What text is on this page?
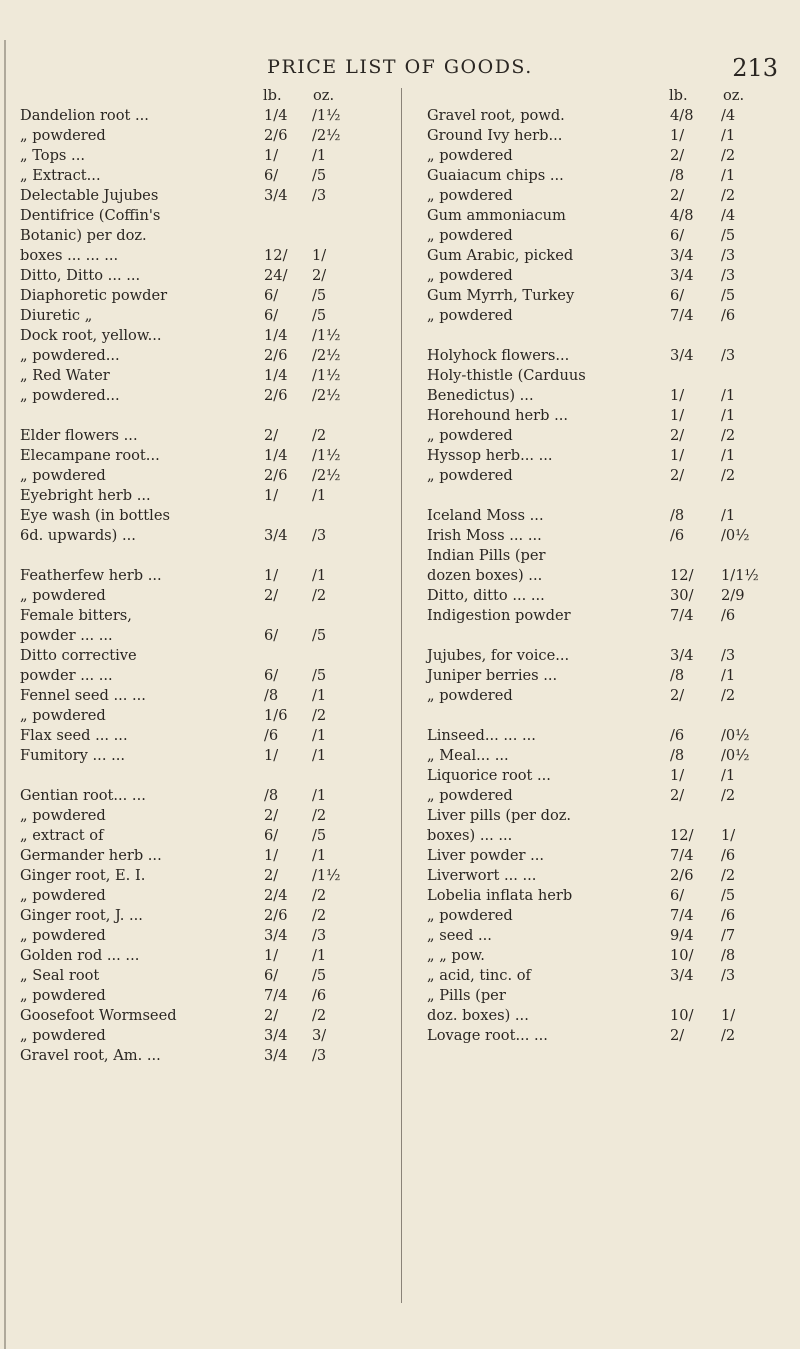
PRICE LIST OF GOODS.	213
lb. oz.
Dandelion root ...	1/4 /1½
„ powdered	2/6 /2½
„ Tops ...	1/ /1
„ Extract...	6/ /5
Delectable Jujubes	3/4 /3
Dentifrice (Coffin's
Botanic) per doz.
boxes ... ... ...	12/ 1/
Ditto, Ditto ... ...	24/ 2/
Diaphoretic powder	6/ /5
Diuretic „	6/ /5
Dock root, yellow...	1/4 /1½
„ powdered...	2/6 /2½
„ Red Water	1/4 /1½
„ powdered...	2/6 /2½
Elder flowers ...	2/ /2
Elecampane root...	1/4 /1½
„ powdered	2/6 /2½
Eyebright herb ...	1/ /1
Eye wash (in bottles
6d. upwards) ...	3/4 /3
Featherfew herb ...	1/ /1
„ powdered	2/ /2
Female bitters,
powder ... ...	6/ /5
Ditto corrective
powder ... ...	6/ /5
Fennel seed ... ...	/8 /1
„ powdered	1/6 /2
Flax seed ... ...	/6 /1
Fumitory ... ...	1/ /1
Gentian root... ...	/8 /1
„ powdered	2/ /2
„ extract of	6/ /5
Germander herb ...	1/ /1
Ginger root, E. I.	2/ /1½
„ powdered	2/4 /2
Ginger root, J. ...	2/6 /2
„ powdered	3/4 /3
Golden rod ... ...	1/ /1
„ Seal root	6/ /5
„ powdered	7/4 /6
Goosefoot Wormseed	2/ /2
„ powdered	3/4 3/
Gravel root, Am. ...	3/4 /3
lb. oz.
Gravel root, powd.	4/8 /4
Ground Ivy herb...	1/	/1
„ powdered	2/	/2
Guaiacum chips ...	/8	/1
„ powdered	2/	/2
Gum ammoniacum	4/8 /4
„ powdered	6/	/5
Gum Arabic, picked	3/4 /3
„ powdered	3/4 /3
Gum Myrrh, Turkey	6/	/5
„ powdered	7/4 /6
Holyhock flowers...	3/4 /3
Holy-thistle (Carduus
Benedictus) ...	1/	/1
Horehound herb ...	1/	/1
„ powdered	2/	/2
Hyssop herb... ...	1/	/1
„ powdered	2/	/2
Iceland Moss ...	/8	/1
Irish Moss ... ...	/6	/0½
Indian Pills (per
dozen boxes) ...	12/ 1/1½
Ditto, ditto ... ...	30/ 2/9
Indigestion powder	7/4 /6
Jujubes, for voice...	3/4 /3
Juniper berries ...	/8	/1
„ powdered	2/	/2
Linseed... ... ...	/6	/0½
„ Meal... ...	/8	/0½
Liquorice root ...	1/	/1
„ powdered	2/	/2
Liver pills (per doz.
boxes) ... ...	12/ 1/
Liver powder ...	7/4 /6
Liverwort ... ...	2/6 /2
Lobelia inflata herb	6/	/5
„ powdered	7/4 /6
„ seed ...	9/4 /7
„ „ pow.	10/ /8
„ acid, tinc. of	3/4 /3
„ Pills (per
doz. boxes) ...	10/ 1/
Lovage root... ...	2/	/2
